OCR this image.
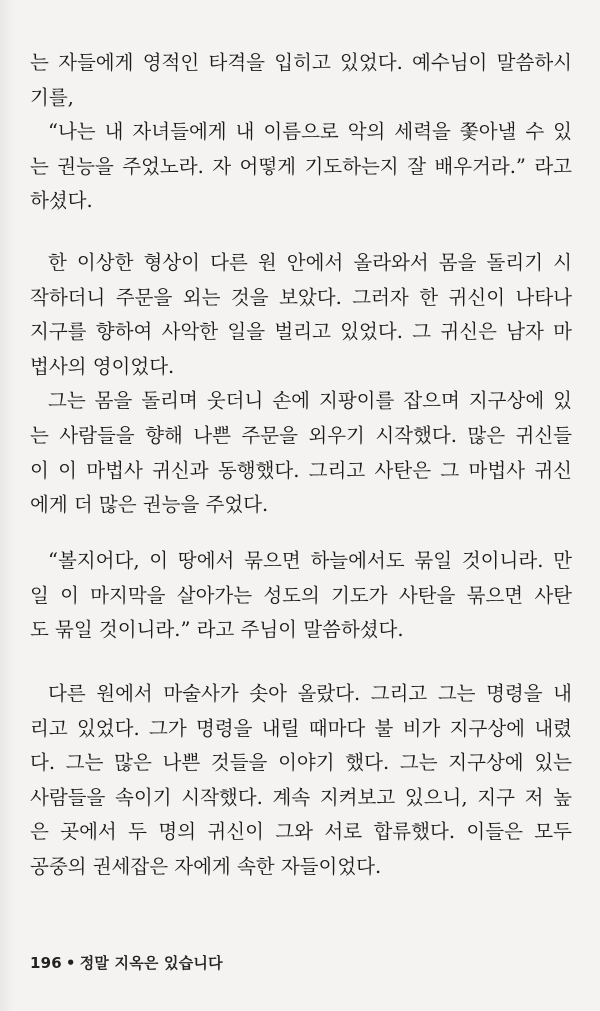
는 자들에게 영적인 타격을 입히고 있었다. 예수님이 말씀하시
기를,
“나는 내 자녀들에게 내 이름으로 악의 세력을 쫓아낼 수 있
는 권능을 주었노라. 자 어떻게 기도하는지 잘 배우거라.” 라고
하셨다.
한 이상한 형상이 다른 원 안에서 올라와서 몸을 돌리기 시
작하더니 주문을 외는 것을 보았다. 그러자 한 귀신이 나타나
지구를 향하여 사악한 일을 벌리고 있었다. 그 귀신은 남자 마
법사의 영이었다.
그는 몸을 돌리며 웃더니 손에 지팡이를 잡으며 지구상에 있
는 사람들을 향해 나쁜 주문을 외우기 시작했다. 많은 귀신들
이 이 마법사 귀신과 동행했다. 그리고 사탄은 그 마법사 귀신
에게 더 많은 권능을 주었다.
“볼지어다, 이 땅에서 묶으면 하늘에서도 묶일 것이니라. 만
일 이 마지막을 살아가는 성도의 기도가 사탄을 묶으면 사탄
도 묶일 것이니라.” 라고 주님이 말씀하셨다.
다른 원에서 마술사가 솟아 올랐다. 그리고 그는 명령을 내
리고 있었다. 그가 명령을 내릴 때마다 불 비가 지구상에 내렸
다. 그는 많은 나쁜 것들을 이야기 했다. 그는 지구상에 있는
사람들을 속이기 시작했다. 계속 지켜보고 있으니, 지구 저 높
은 곳에서 두 명의 귀신이 그와 서로 합류했다. 이들은 모두
공중의 권세잡은 자에게 속한 자들이었다.
196 • 정말 지옥은 있습니다
